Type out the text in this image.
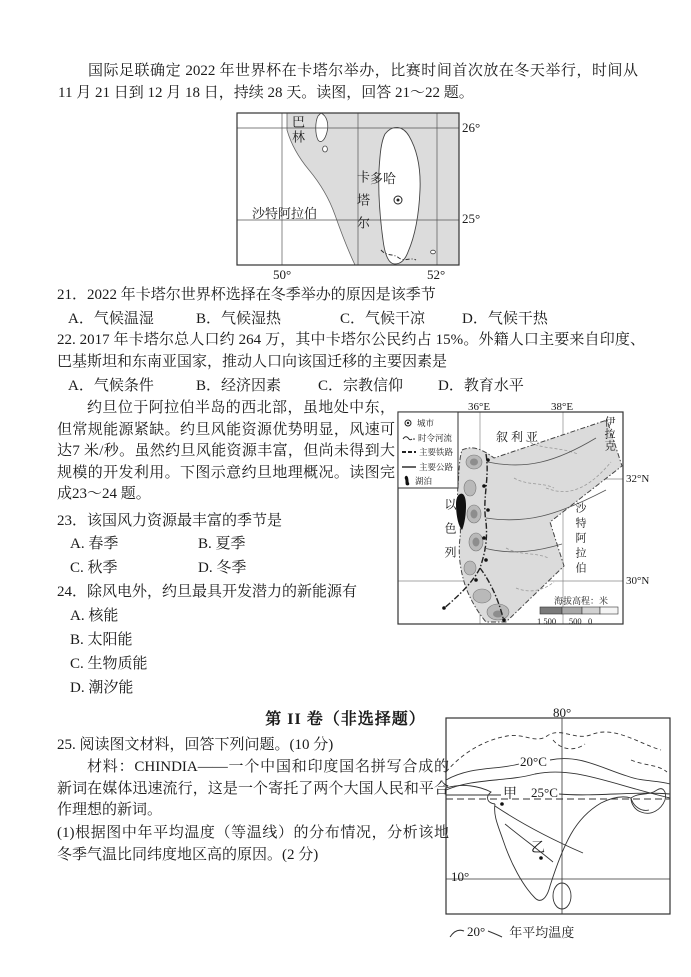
国际足联确定 2022 年世界杯在卡塔尔举办，比赛时间首次放在冬天举行，时间从 11 月 21 日到 12 月 18 日，持续 28 天。读图，回答 21～22 题。

巴林
卡塔尔 多哈
沙特阿拉伯
26°
25°
50°	52°

21．2022 年卡塔尔世界杯选择在冬季举办的原因是该季节

A．气候温湿	B．气候湿热	C．气候干凉 D．气候干热

22. 2017 年卡塔尔总人口约 264 万，其中卡塔尔公民约占 15%。外籍人口主要来自印度、巴基斯坦和东南亚国家，推动人口向该国迁移的主要因素是

A．气候条件	B．经济因素 C．宗教信仰 D．教育水平

约旦位于阿拉伯半岛的西北部，虽地处中东，但常规能源紧缺。约旦风能资源优势明显，风速可达7 米/秒。虽然约旦风能资源丰富，但尚未得到大规模的开发利用。下图示意约旦地理概况。读图完成23～24 题。

23．该国风力资源最丰富的季节是

A. 春季	B. 夏季
C. 秋季	D. 冬季

24．除风电外，约旦最具开发潜力的新能源有

A. 核能
B. 太阳能
C. 生物质能
D. 潮汐能
城市
时令河流
主要铁路
主要公路
湖泊
36°E	38°E
32°N
30°N
叙 利 亚	伊拉克
沙特阿拉伯
以色列
海拔高程：米
1 500      500   0

第 II 卷（非选择题）

25. 阅读图文材料，回答下列问题。(10 分)

材料：CHINDIA——一个中国和印度国名拼写合成的新词在媒体迅速流行，这是一个寄托了两个大国人民和平合作理想的新词。

(1)根据图中年平均温度（等温线）的分布情况，分析该地冬季气温比同纬度地区高的原因。(2 分)

80°
20°C
25°C
甲
乙
10°
20° 年平均温度
